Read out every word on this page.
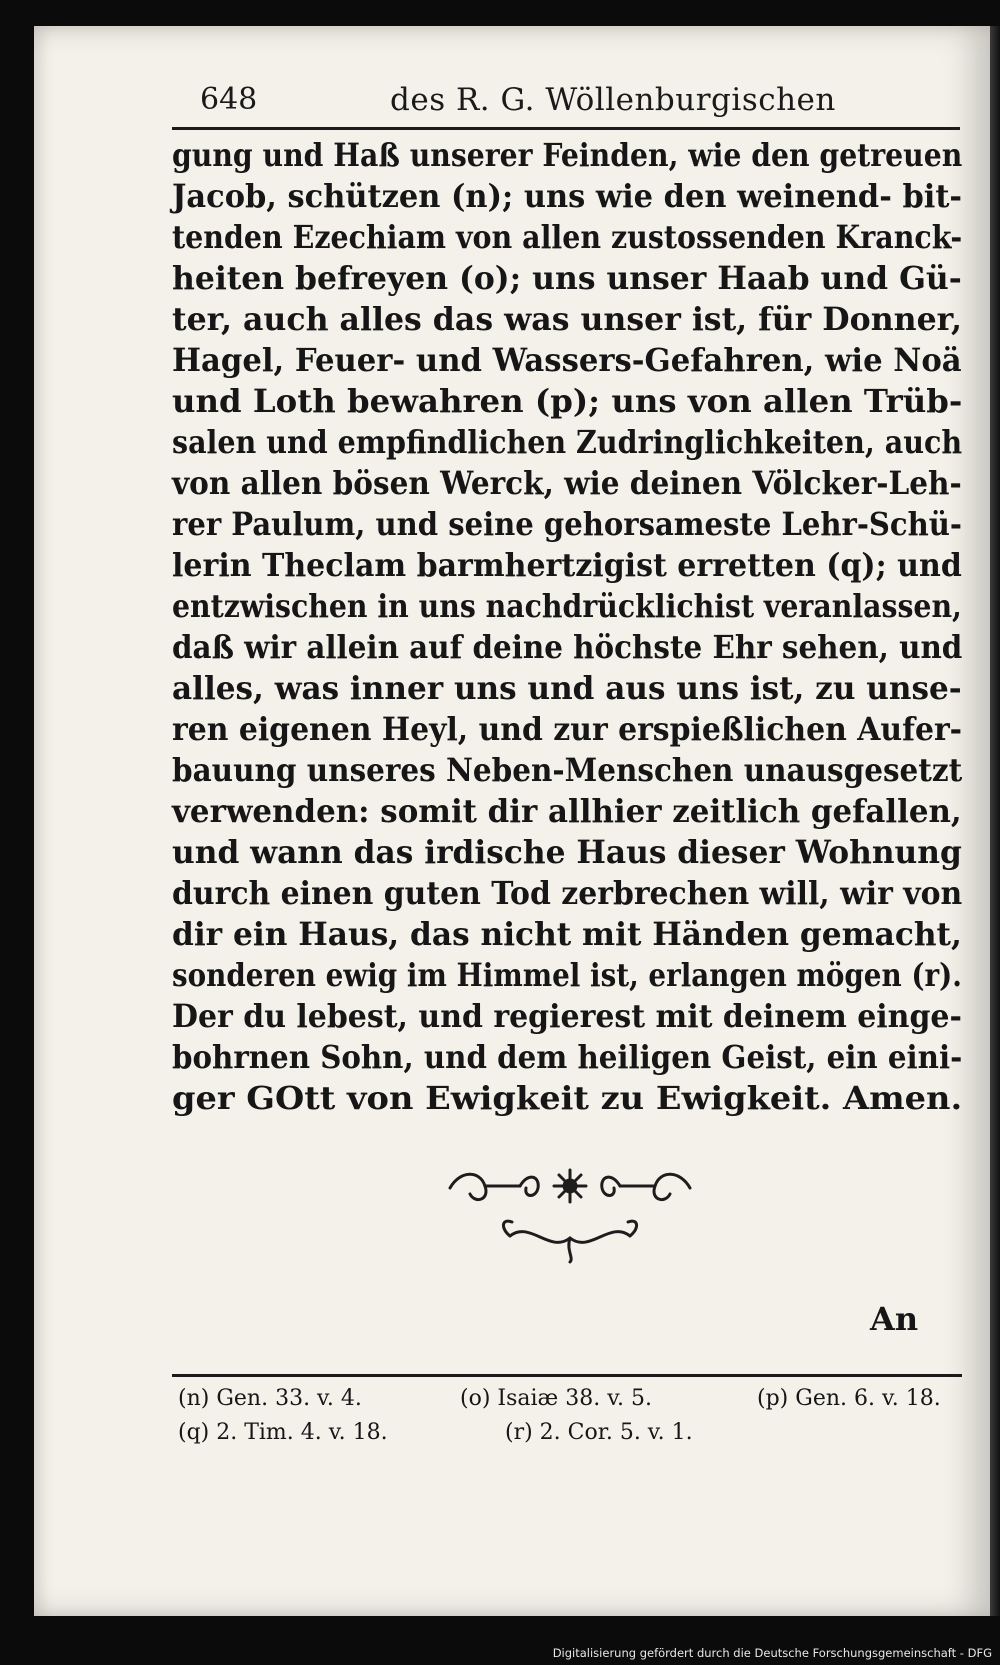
648	des R. G. Wöllenburgischen
gung und Haß unserer Feinden, wie den getreuen
Jacob, schützen (n); uns wie den weinend- bit-
tenden Ezechiam von allen zustossenden Kranck-
heiten befreyen (o); uns unser Haab und Gü-
ter, auch alles das was unser ist, für Donner,
Hagel, Feuer- und Wassers-Gefahren, wie Noä
und Loth bewahren (p); uns von allen Trüb-
salen und empfindlichen Zudringlichkeiten, auch
von allen bösen Werck, wie deinen Völcker-Leh-
rer Paulum, und seine gehorsameste Lehr-Schü-
lerin Theclam barmhertzigist erretten (q); und
entzwischen in uns nachdrücklichist veranlassen,
daß wir allein auf deine höchste Ehr sehen, und
alles, was inner uns und aus uns ist, zu unse-
ren eigenen Heyl, und zur erspießlichen Aufer-
bauung unseres Neben-Menschen unausgesetzt
verwenden: somit dir allhier zeitlich gefallen,
und wann das irdische Haus dieser Wohnung
durch einen guten Tod zerbrechen will, wir von
dir ein Haus, das nicht mit Händen gemacht,
sonderen ewig im Himmel ist, erlangen mögen (r).
Der du lebest, und regierest mit deinem einge-
bohrnen Sohn, und dem heiligen Geist, ein eini-
ger GOtt von Ewigkeit zu Ewigkeit. Amen.
An
(n) Gen. 33. v. 4.	(o) Isaiæ 38. v. 5.	(p) Gen. 6. v. 18.
(q) 2. Tim. 4. v. 18.	(r) 2. Cor. 5. v. 1.
Digitalisierung gefördert durch die Deutsche Forschungsgemeinschaft - DFG
